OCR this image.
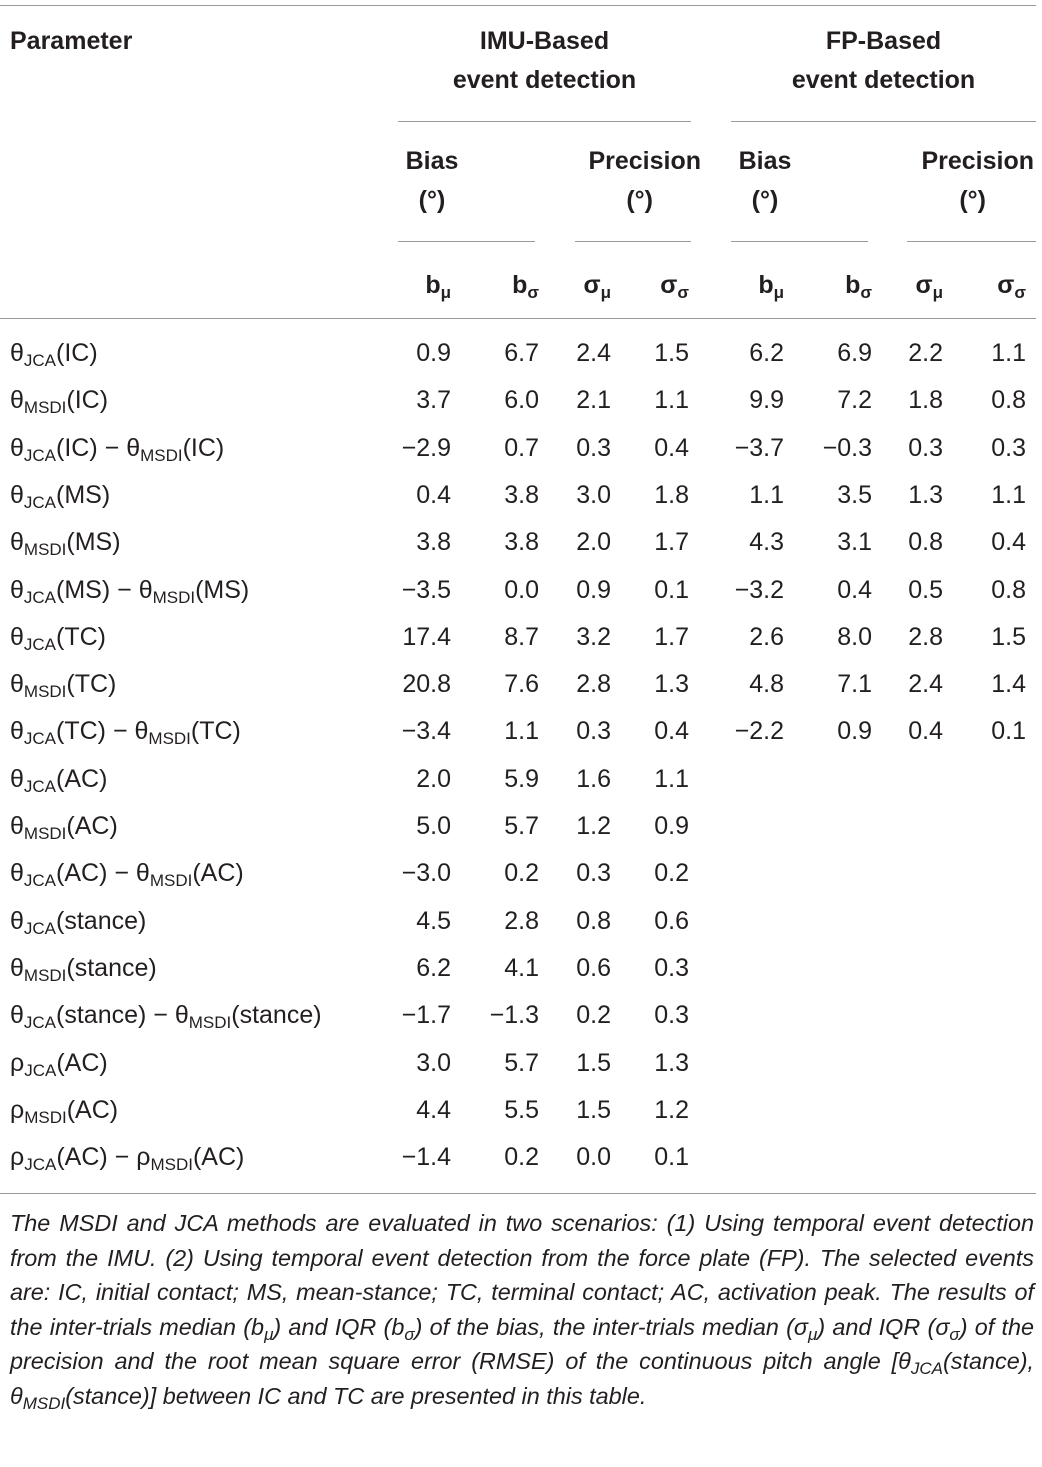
Parameter	IMU-Based
event detection
FP-Based
event detection
Bias
(°)
Precision
(°)
Bias
(°)
Precision
(°)
$b_\mu$	$b_\sigma$	$\sigma_\mu$	$\sigma_\sigma$	$b_\mu$	$b_\sigma$	$\sigma_\mu$	$\sigma_\sigma$
$\theta_{JCA}(IC)$	0.9	6.7	2.4	1.5	6.2	6.9	2.2	1.1
$\theta_{MSDI}(IC)$	3.7	6.0	2.1	1.1	9.9	7.2	1.8	0.8
$\theta_{JCA}(IC) - \theta_{MSDI}(IC)$	−2.9	0.7	0.3	0.4	−3.7	−0.3	0.3	0.3
$\theta_{JCA}(MS)$	0.4	3.8	3.0	1.8	1.1	3.5	1.3	1.1
$\theta_{MSDI}(MS)$	3.8	3.8	2.0	1.7	4.3	3.1	0.8	0.4
$\theta_{JCA}(MS) - \theta_{MSDI}(MS)$	−3.5	0.0	0.9	0.1	−3.2	0.4	0.5	0.8
$\theta_{JCA}(TC)$	17.4	8.7	3.2	1.7	2.6	8.0	2.8	1.5
$\theta_{MSDI}(TC)$	20.8	7.6	2.8	1.3	4.8	7.1	2.4	1.4
$\theta_{JCA}(TC) - \theta_{MSDI}(TC)$	−3.4	1.1	0.3	0.4	−2.2	0.9	0.4	0.1
$\theta_{JCA}(AC)$	2.0	5.9	1.6	1.1
$\theta_{MSDI}(AC)$	5.0	5.7	1.2	0.9
$\theta_{JCA}(AC) - \theta_{MSDI}(AC)$	−3.0	0.2	0.3	0.2
$\theta_{JCA}(stance)$	4.5	2.8	0.8	0.6
$\theta_{MSDI}(stance)$	6.2	4.1	0.6	0.3
$\theta_{JCA}(stance)$ − $\theta_{MSDI}(stance)$	−1.7	−1.3	0.2	0.3
$\rho_{JCA}(AC)$	3.0	5.7	1.5	1.3
$\rho_{MSDI}(AC)$	4.4	5.5	1.5	1.2
$\rho_{JCA}(AC) - \rho_{MSDI}(AC)$	−1.4	0.2	0.0	0.1
The MSDI and JCA methods are evaluated in two scenarios: (1) Using temporal event detection from the IMU. (2) Using temporal event detection from the force plate (FP). The selected events are: IC, initial contact; MS, mean-stance; TC, terminal contact; AC, activation peak. The results of the inter-trials median $(b_\mu)$ and IQR $(b_\sigma)$ of the bias, the inter-trials median $(\sigma_\mu)$ and IQR $(\sigma_\sigma)$ of the precision and the root mean square error (RMSE) of the continuous pitch angle [$\theta_{JCA}(stance)$, $\theta_{MSDI}(stance)$] between IC and TC are presented in this table.
